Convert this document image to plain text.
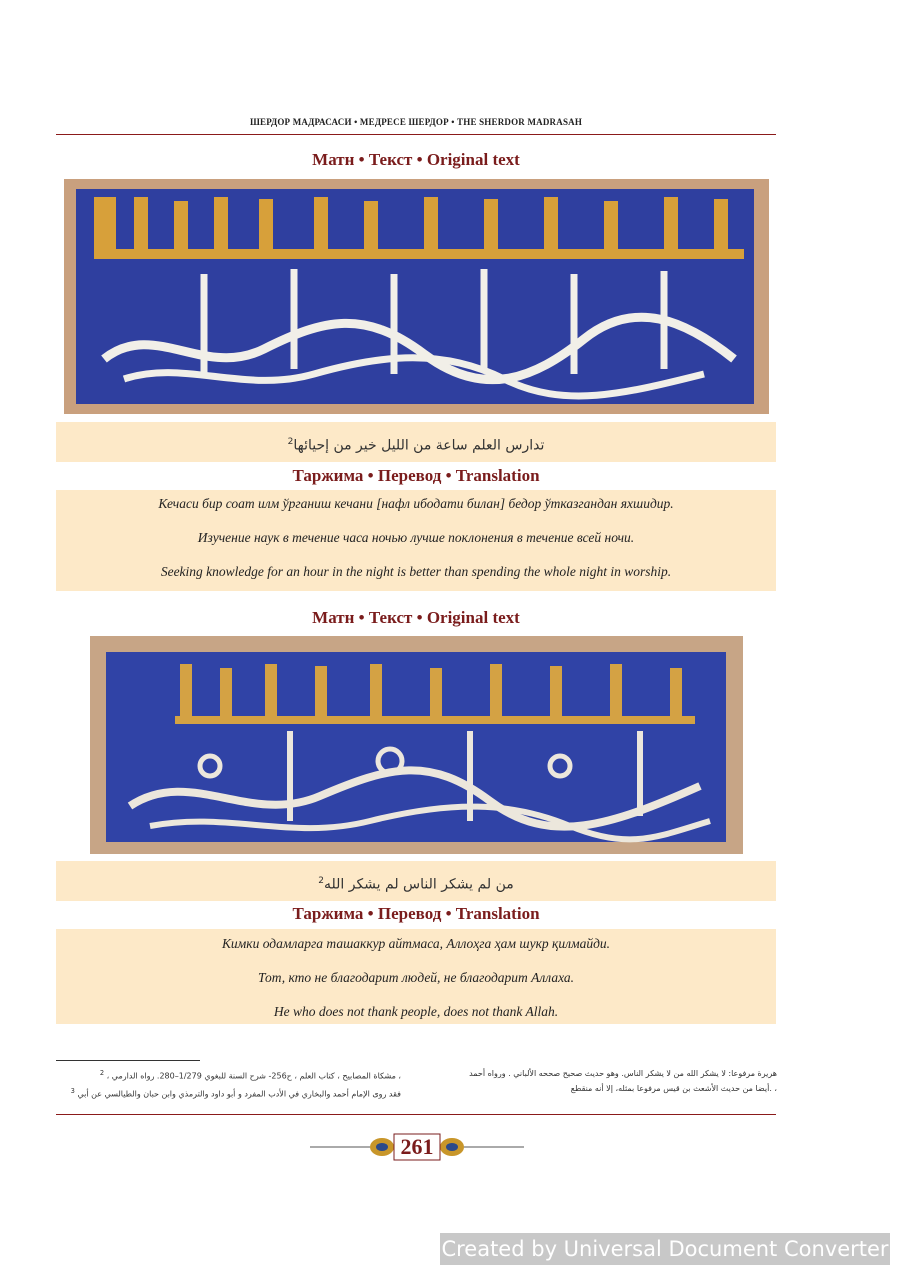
ШЕРДОР МАДРАСАСИ • МЕДРЕСЕ ШЕРДОР • THE SHERDOR MADRASAH
Матн • Текст • Original text
تدارس العلم ساعة من الليل خير من إحيائها$^2$
Таржима • Перевод • Translation
Кечаси бир соат илм ўрганиш кечани [нафл ибодати билан] бедор ўтказгандан яхшидир.
Изучение наук в течение часа ночью лучше поклонения в течение всей ночи.
Seeking knowledge for an hour in the night is better than spending the whole night in worship.
Матн • Текст • Original text
من لم يشكر الناس لم يشكر الله$^2$
Таржима • Перевод • Translation
Кимки одамларга ташаккур айтмаса, Аллоҳга ҳам шукр қилмайди.
Тот, кто не благодарит людей, не благодарит Аллаха.
He who does not thank people, does not thank Allah.
، مشكاة المصابيح ، كتاب العلم ، ح256- شرح السنة للبغوي 1/279–280. رواه الدارمي ، $^2$
فقد روى الإمام أحمد والبخاري في الأدب المفرد و أبو داود والترمذي وابن حبان والطيالسي عن أبي $^3$
هريرة مرفوعا: لا يشكر الله من لا يشكر الناس. وهو حديث صحيح صححه الألباني . ورواه أحمد
، .أيضا من حديث الأشعث بن قيس مرفوعا بمثله، إلا أنه منقطع
261
Created by Universal Document Converter
